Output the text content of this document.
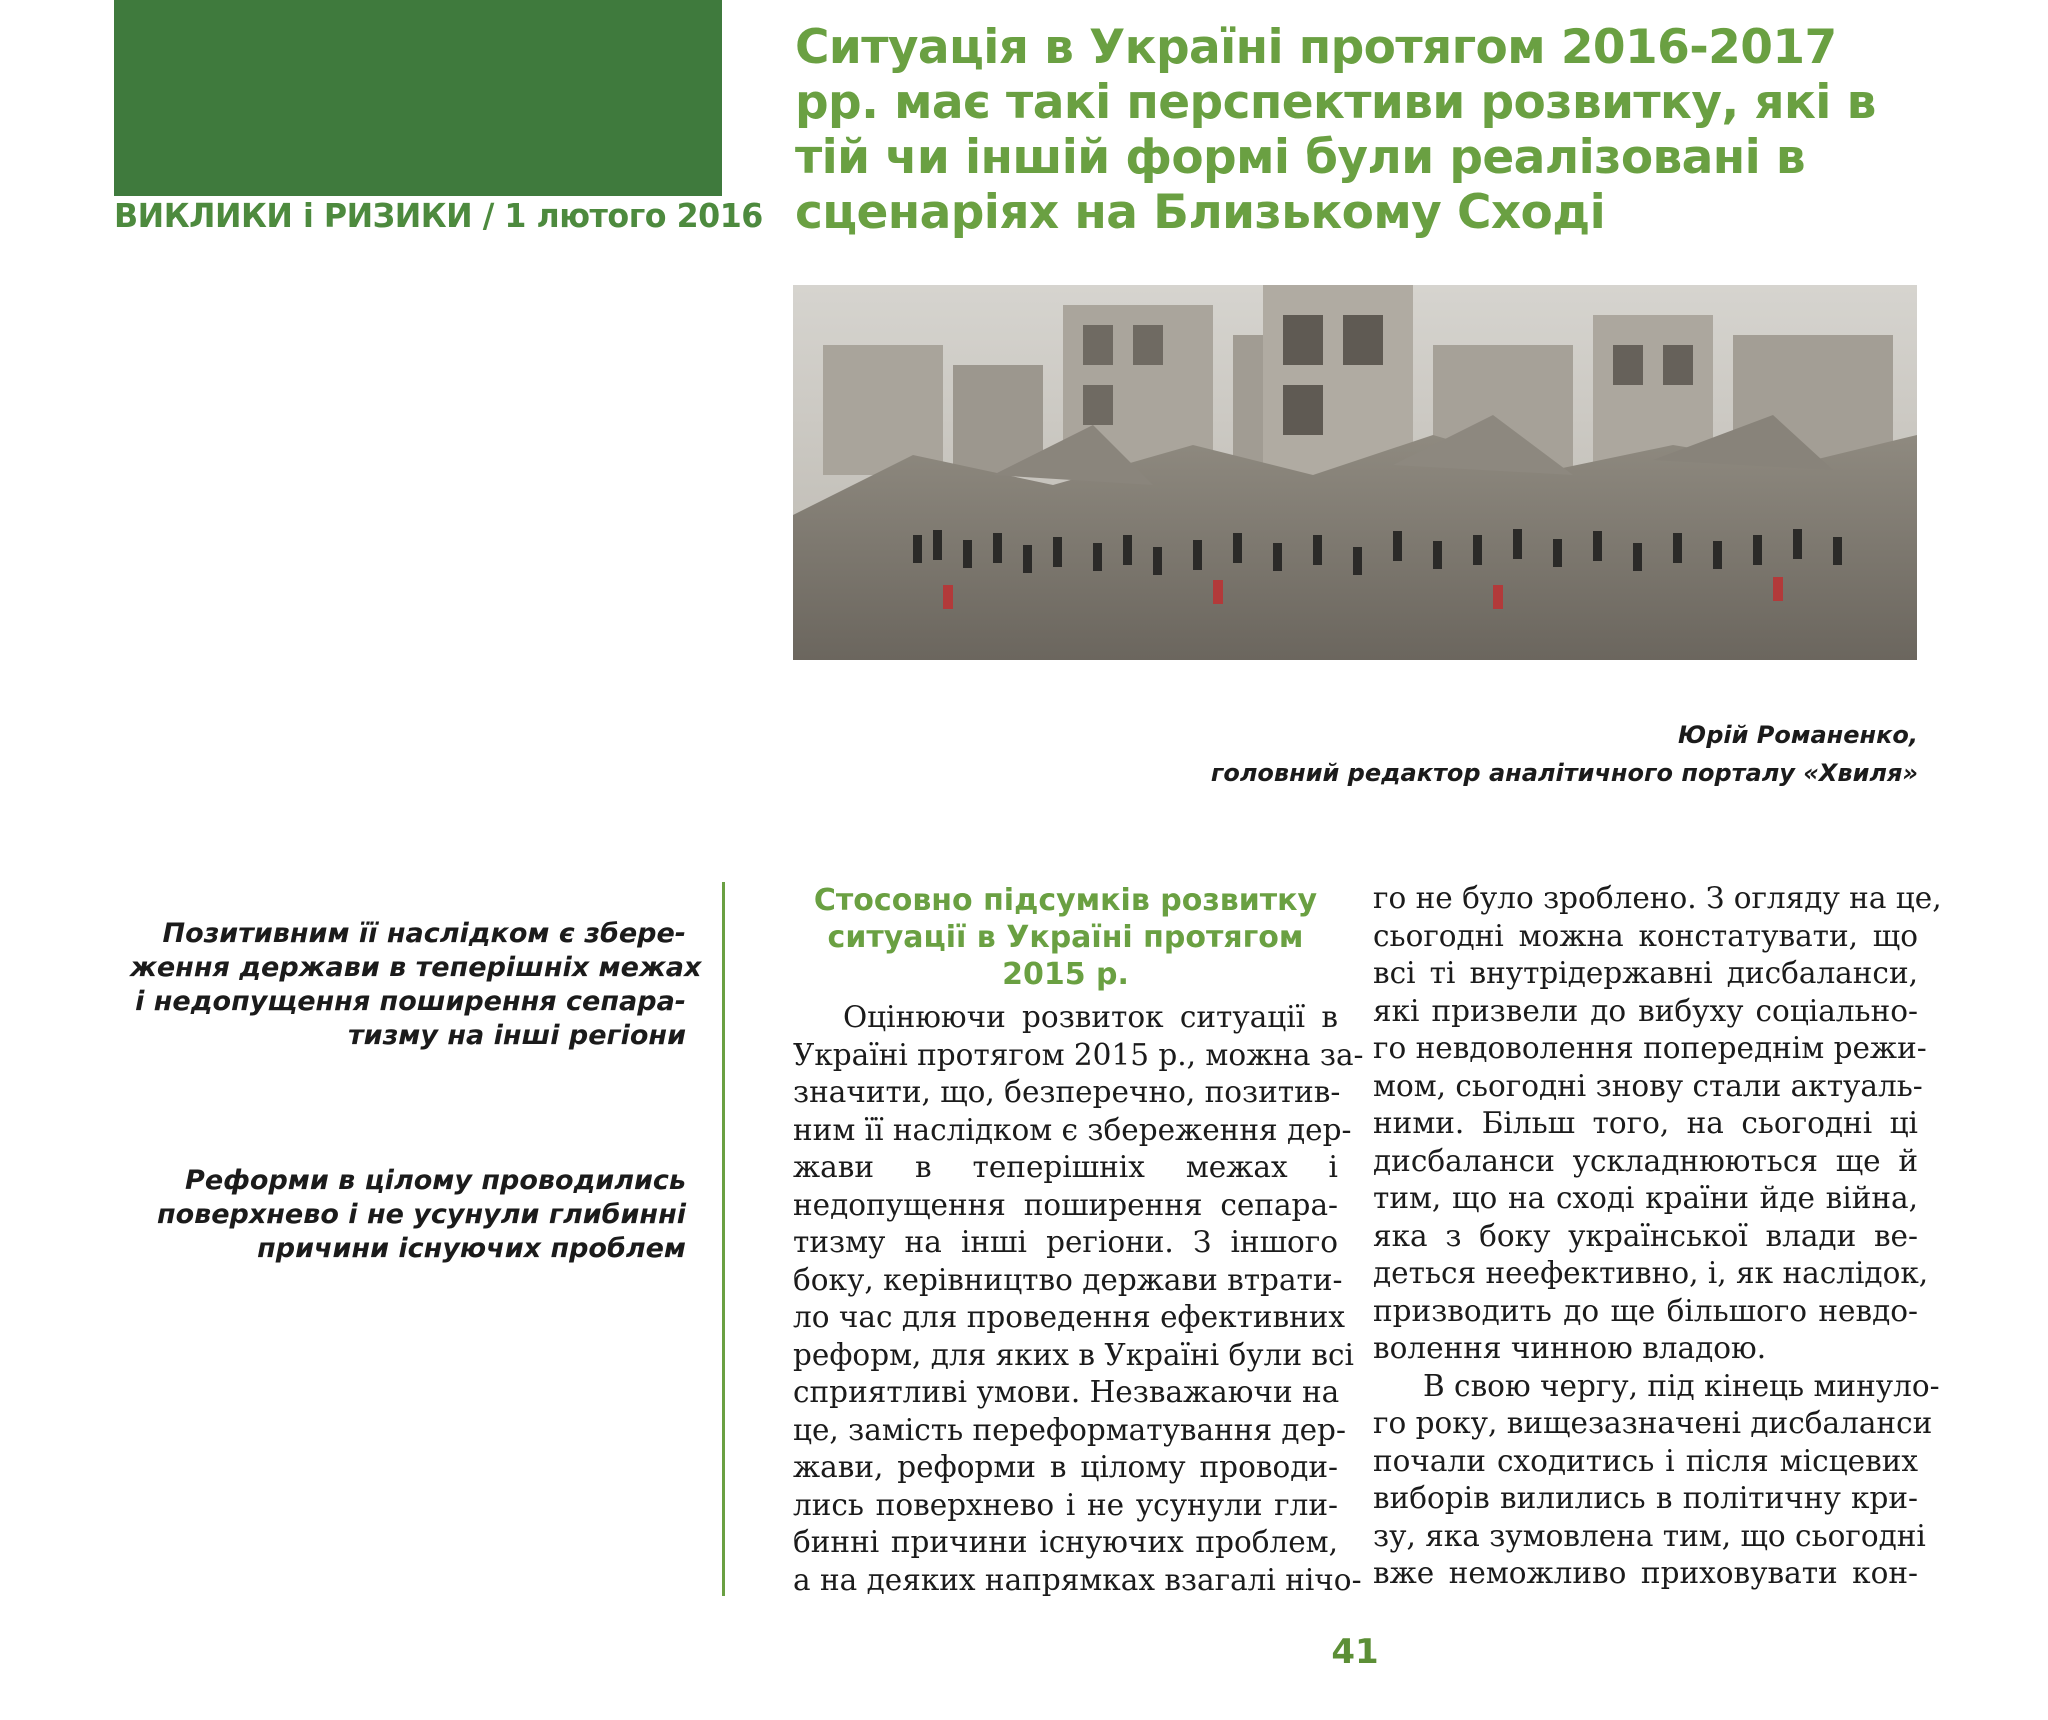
ВИКЛИКИ і РИЗИКИ / 1 лютого 2016
Ситуація в Україні протягом 2016-2017 рр. має такі перспективи розвитку, які в тій чи іншій формі були реалізовані в сценаріях на Близькому Сході
Юрій Романенко,
головний редактор аналітичного порталу «Хвиля»
Позитивним її наслідком є збере-
ження держави в теперішніх межах
і недопущення поширення сепара-
тизму на інші регіони
Реформи в цілому проводились
поверхнево і не усунули глибинні
причини існуючих проблем
Стосовно підсумків розвитку
ситуації в Україні протягом
2015 р.
Оцінюючи розвиток ситуації в
Україні протягом 2015 р., можна за-
значити, що, безперечно, позитив-
ним її наслідком є збереження дер-
жави в теперішніх межах і
недопущення поширення сепара-
тизму на інші регіони. З іншого
боку, керівництво держави втрати-
ло час для проведення ефективних
реформ, для яких в Україні були всі
сприятливі умови. Незважаючи на
це, замість переформатування дер-
жави, реформи в цілому проводи-
лись поверхнево і не усунули гли-
бинні причини існуючих проблем,
а на деяких напрямках взагалі нічо-
го не було зроблено. З огляду на це,
сьогодні можна констатувати, що
всі ті внутрідержавні дисбаланси,
які призвели до вибуху соціально-
го невдоволення попереднім режи-
мом, сьогодні знову стали актуаль-
ними. Більш того, на сьогодні ці
дисбаланси ускладнюються ще й
тим, що на сході країни йде війна,
яка з боку української влади ве-
деться неефективно, і, як наслідок,
призводить до ще більшого невдо-
волення чинною владою.
В свою чергу, під кінець минуло-
го року, вищезазначені дисбаланси
почали сходитись і після місцевих
виборів вилились в політичну кри-
зу, яка зумовлена тим, що сьогодні
вже неможливо приховувати кон-
41
